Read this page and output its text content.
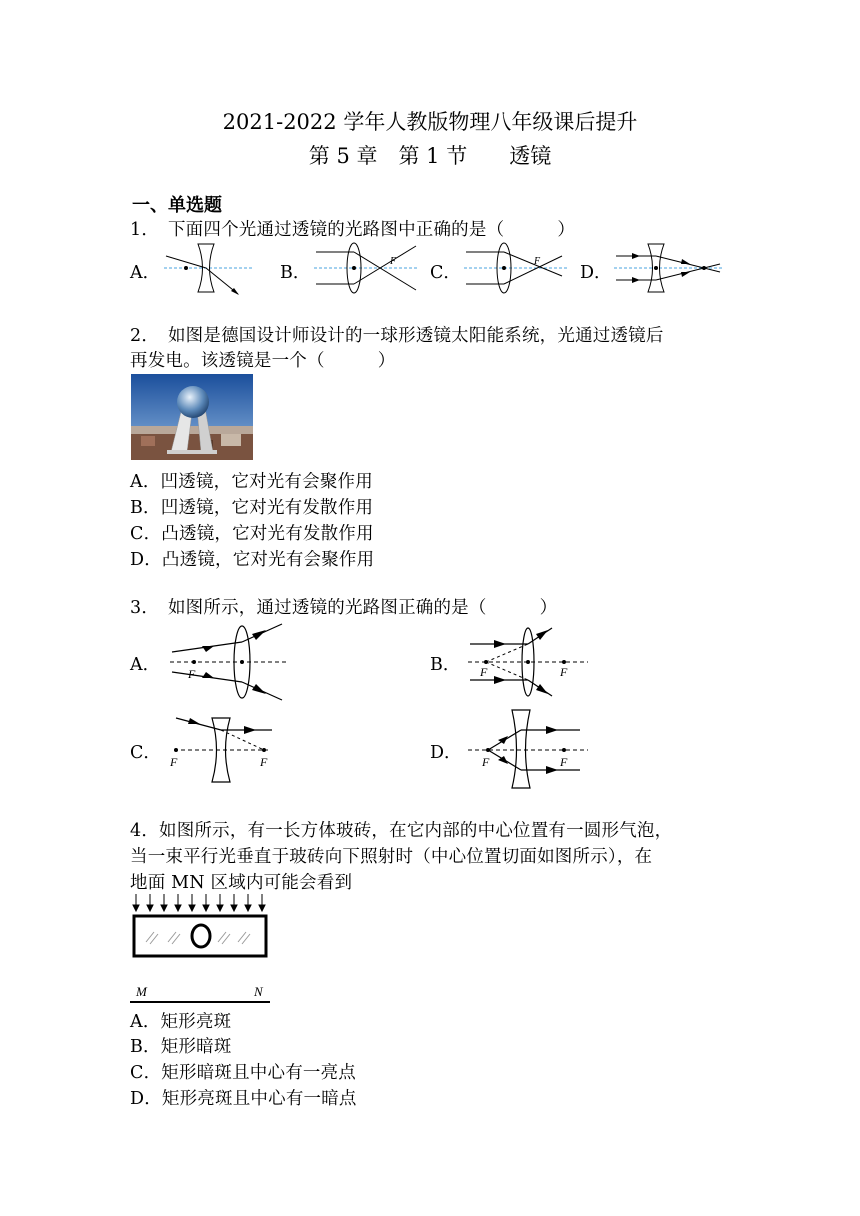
2021-2022 学年人教版物理八年级课后提升
第 5 章　第 1 节　　透镜
一、单选题
1．　下面四个光通过透镜的光路图中正确的是（　　　）
A．	B．
F
C．
F
D．
2．　如图是德国设计师设计的一球形透镜太阳能系统，光通过透镜后
再发电。该透镜是一个（　　　）
A．凹透镜，它对光有会聚作用
B．凹透镜，它对光有发散作用
C．凸透镜，它对光有发散作用
D．凸透镜，它对光有会聚作用
3．　如图所示，通过透镜的光路图正确的是（　　　）
A． F	B． F	F
C． F	F	D． F	F
4．如图所示，有一长方体玻砖，在它内部的中心位置有一圆形气泡，
当一束平行光垂直于玻砖向下照射时（中心位置切面如图所示），在
地面 MN 区域内可能会看到
M	N
A．矩形亮斑
B．矩形暗斑
C．矩形暗斑且中心有一亮点
D．矩形亮斑且中心有一暗点
